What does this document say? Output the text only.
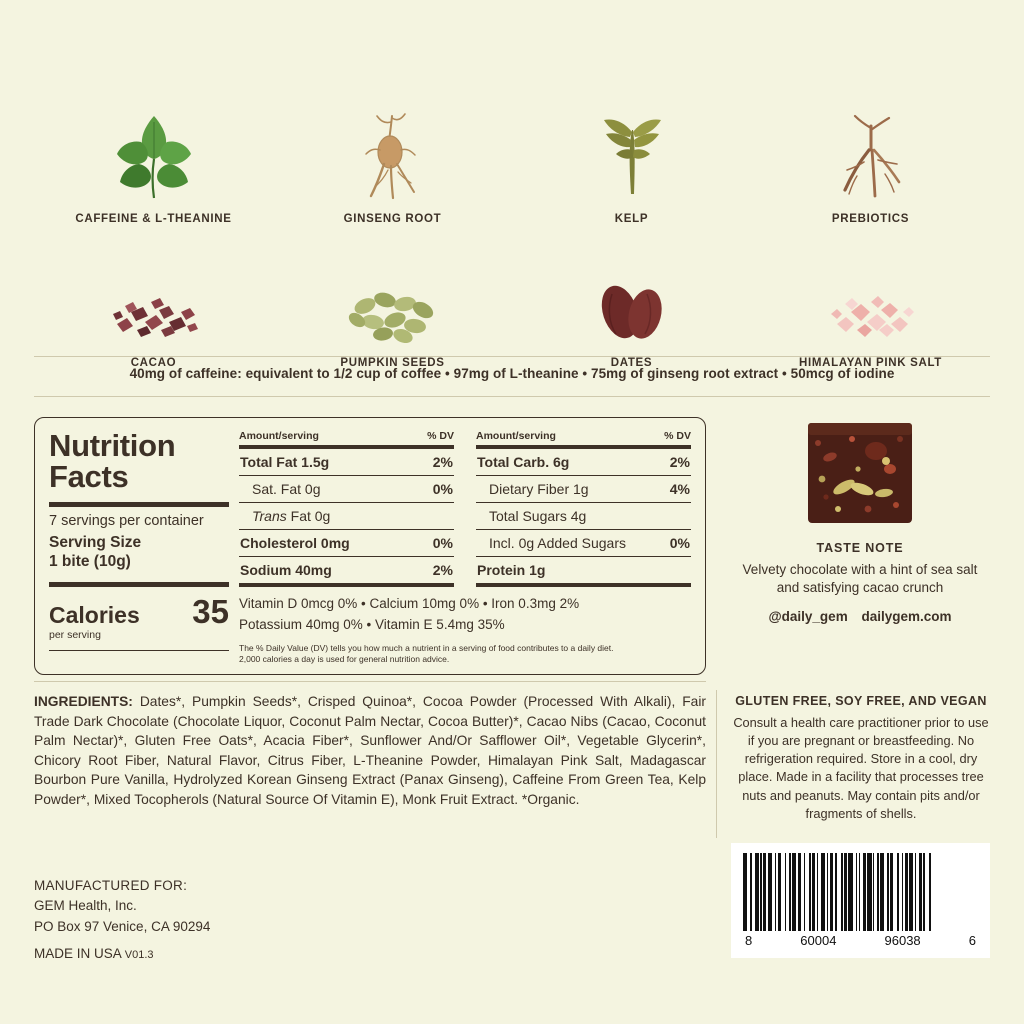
CAFFEINE & L-THEANINE	GINSENG ROOT	KELP	PREBIOTICS
CACAO	PUMPKIN SEEDS	DATES	HIMALAYAN PINK SALT
40mg of caffeine: equivalent to 1/2 cup of coffee • 97mg of L-theanine • 75mg of ginseng root extract • 50mcg of iodine
Nutrition
Facts
7 servings per container
Serving Size
1 bite (10g)
Calories
per serving
35
Amount/serving	% DV
Total Fat 1.5g	2%
Sat. Fat 0g	0%
Trans Fat 0g
Cholesterol 0mg	0%
Sodium 40mg	2%
Amount/serving	% DV
Total Carb. 6g	2%
Dietary Fiber 1g	4%
Total Sugars 4g
Incl. 0g Added Sugars	0%
Protein 1g
Vitamin D 0mcg 0% • Calcium 10mg 0% • Iron 0.3mg 2%
Potassium 40mg 0% • Vitamin E 5.4mg 35%
The % Daily Value (DV) tells you how much a nutrient in a serving of food contributes to a daily diet.
2,000 calories a day is used for general nutrition advice.
TASTE NOTE
Velvety chocolate with a hint of sea salt and satisfying cacao crunch
@daily_gem dailygem.com
INGREDIENTS: Dates*, Pumpkin Seeds*, Crisped Quinoa*, Cocoa Powder (Processed With Alkali), Fair Trade Dark Chocolate (Chocolate Liquor, Coconut Palm Nectar, Cocoa Butter)*, Cacao Nibs (Cacao, Coconut Palm Nectar)*, Gluten Free Oats*, Acacia Fiber*, Sunflower And/Or Safflower Oil*, Vegetable Glycerin*, Chicory Root Fiber, Natural Flavor, Citrus Fiber, L-Theanine Powder, Himalayan Pink Salt, Madagascar Bourbon Pure Vanilla, Hydrolyzed Korean Ginseng Extract (Panax Ginseng), Caffeine From Green Tea, Kelp Powder*, Mixed Tocopherols (Natural Source Of Vitamin E), Monk Fruit Extract. *Organic.
GLUTEN FREE, SOY FREE, AND VEGAN
Consult a health care practitioner prior to use if you are pregnant or breastfeeding. No refrigeration required. Store in a cool, dry place. Made in a facility that processes tree nuts and peanuts. May contain pits and/or fragments of shells.
MANUFACTURED FOR:
GEM Health, Inc.
PO Box 97 Venice, CA 90294
MADE IN USA V01.3
8	60004	96038	6
